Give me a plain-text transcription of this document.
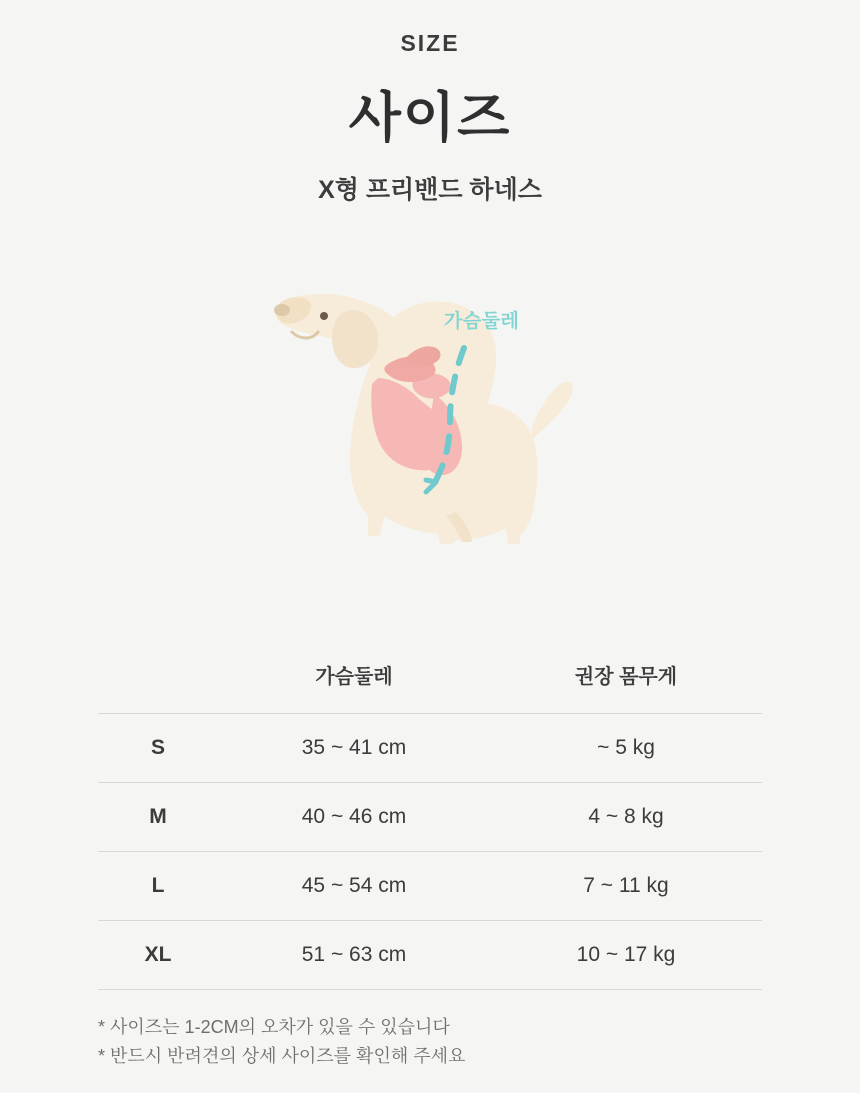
SIZE
사이즈
X형 프리밴드 하네스
가슴둘레
	가슴둘레	권장 몸무게
S	35 ~ 41 cm	~ 5 kg
M	40 ~ 46 cm	4 ~ 8 kg
L	45 ~ 54 cm	7 ~ 11 kg
XL	51 ~ 63 cm	10 ~ 17 kg
* 사이즈는 1-2CM의 오차가 있을 수 있습니다
* 반드시 반려견의 상세 사이즈를 확인해 주세요
